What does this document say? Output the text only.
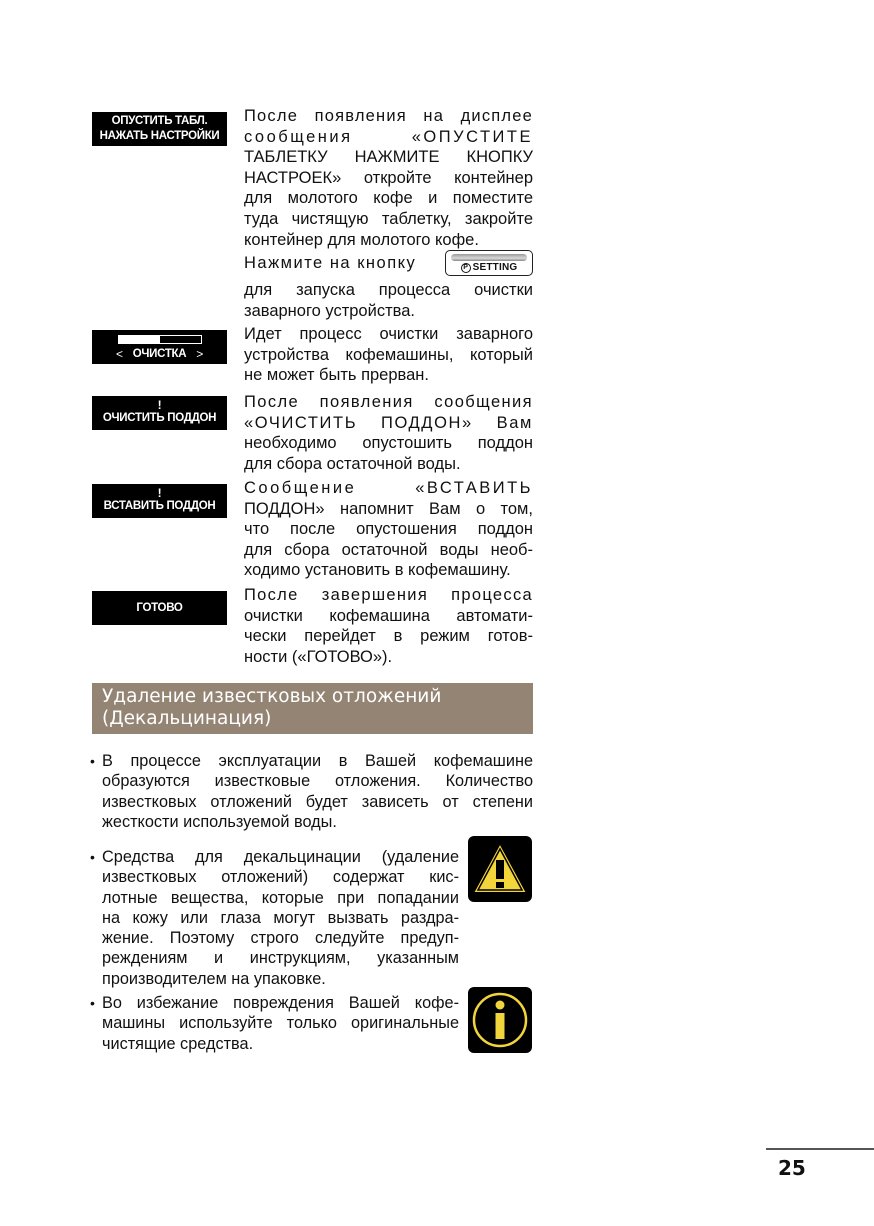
ОПУСТИТЬ ТАБЛ.
НАЖАТЬ НАСТРОЙКИ
После появления на дисплее
сообщения «ОПУСТИТЕ
ТАБЛЕТКУ НАЖМИТЕ КНОПКУ
НАСТРОЕК» откройте контейнер
для молотого кофе и поместите
туда чистящую таблетку, закройте
контейнер для молотого кофе.
Нажмите на кнопку	P SETTING
для запуска процесса очистки
заварного устройства.
< ОЧИСТКА >
Идет процесс очистки заварного
устройства кофемашины, который
не может быть прерван.
!
ОЧИСТИТЬ ПОДДОН
После появления сообщения
«ОЧИСТИТЬ ПОДДОН» Вам
необходимо опустошить поддон
для сбора остаточной воды.
!
ВСТАВИТЬ ПОДДОН
Сообщение «ВСТАВИТЬ
ПОДДОН» напомнит Вам о том,
что после опустошения поддон
для сбора остаточной воды необ-
ходимо установить в кофемашину.
ГОТОВО
После завершения процесса
очистки кофемашина автомати-
чески перейдет в режим готов-
ности («ГОТОВО»).
Удаление известковых отложений
(Декальцинация)
• В процессе эксплуатации в Вашей кофемашине
образуются известковые отложения. Количество
известковых отложений будет зависеть от степени
жесткости используемой воды.
• Средства для декальцинации (удаление
известковых отложений) содержат кис-
лотные вещества, которые при попадании
на кожу или глаза могут вызвать раздра-
жение. Поэтому строго следуйте предуп-
реждениям и инструкциям, указанным
производителем на упаковке.
• Во избежание повреждения Вашей кофе-
машины используйте только оригинальные
чистящие средства.
25
